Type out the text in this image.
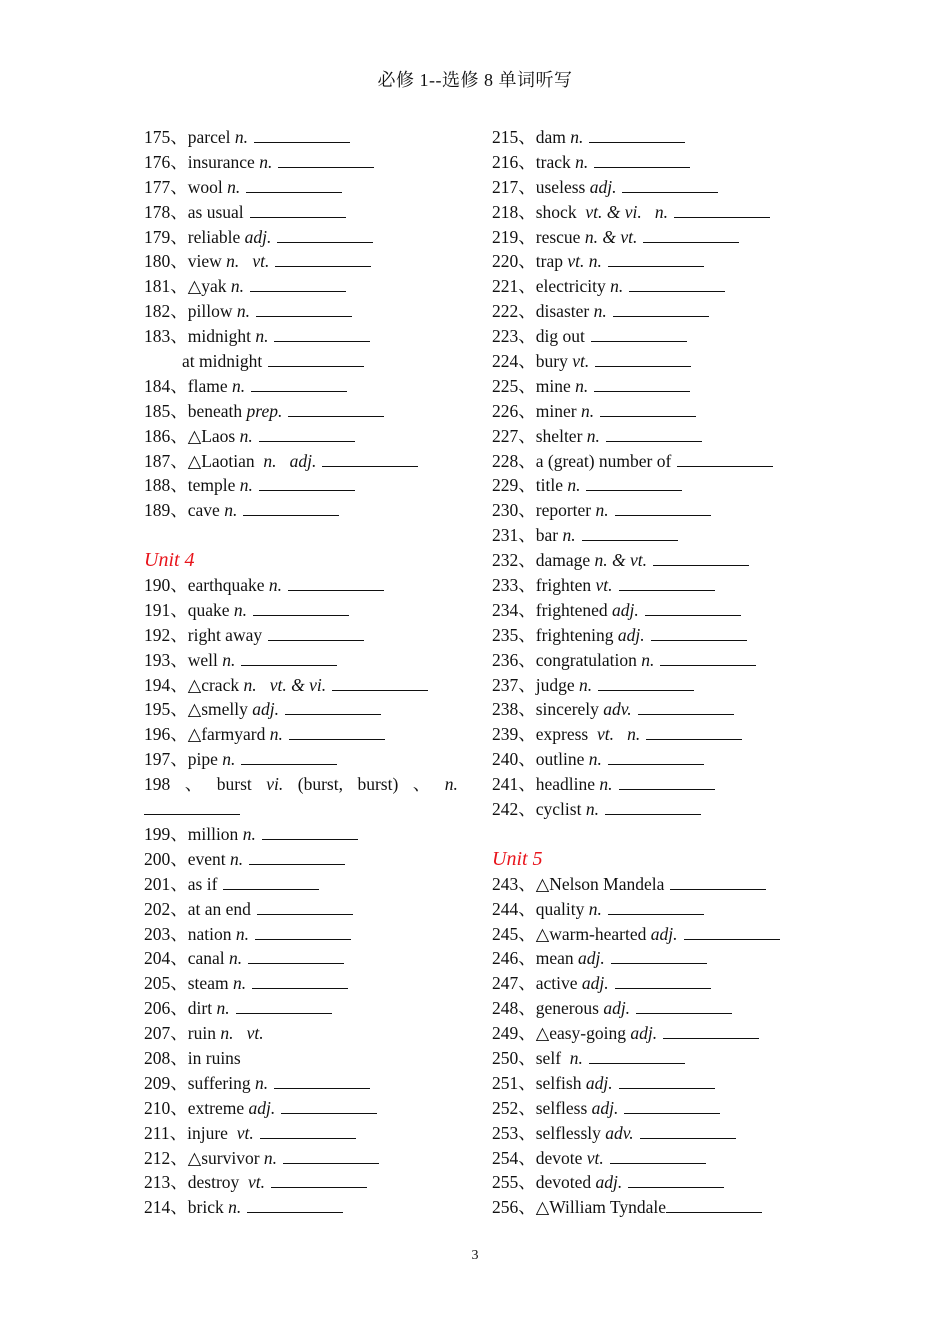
必修 1--选修 8 单词听写
175、parcel n.
176、insurance n.
177、wool n.
178、as usual
179、reliable adj.
180、view n.   vt.
181、△yak n.
182、pillow n.
183、midnight n.
at midnight
184、flame n.
185、beneath prep.
186、△Laos n.
187、△Laotian  n.   adj.
188、temple n.
189、cave n.
Unit 4
190、earthquake n.
191、quake n.
192、right away
193、well n.
194、△crack n.   vt. & vi.
195、△smelly adj.
196、△farmyard n.
197、pipe n.
198 、 burst vi. (burst, burst) 、 n.
199、million n.
200、event n.
201、as if
202、at an end
203、nation n.
204、canal n.
205、steam n.
206、dirt n.
207、ruin n.   vt.
208、in ruins
209、suffering n.
210、extreme adj.
211、injure  vt.
212、△survivor n.
213、destroy  vt.
214、brick n.
215、dam n.
216、track n.
217、useless adj.
218、shock  vt. & vi.   n.
219、rescue n. & vt.
220、trap vt. n.
221、electricity n.
222、disaster n.
223、dig out
224、bury vt.
225、mine n.
226、miner n.
227、shelter n.
228、a (great) number of
229、title n.
230、reporter n.
231、bar n.
232、damage n. & vt.
233、frighten vt.
234、frightened adj.
235、frightening adj.
236、congratulation n.
237、judge n.
238、sincerely adv.
239、express  vt.   n.
240、outline n.
241、headline n.
242、cyclist n.
Unit 5
243、△Nelson Mandela
244、quality n.
245、△warm-hearted adj.
246、mean adj.
247、active adj.
248、generous adj.
249、△easy-going adj.
250、self  n.
251、selfish adj.
252、selfless adj.
253、selflessly adv.
254、devote vt.
255、devoted adj.
256、△William Tyndale
3
